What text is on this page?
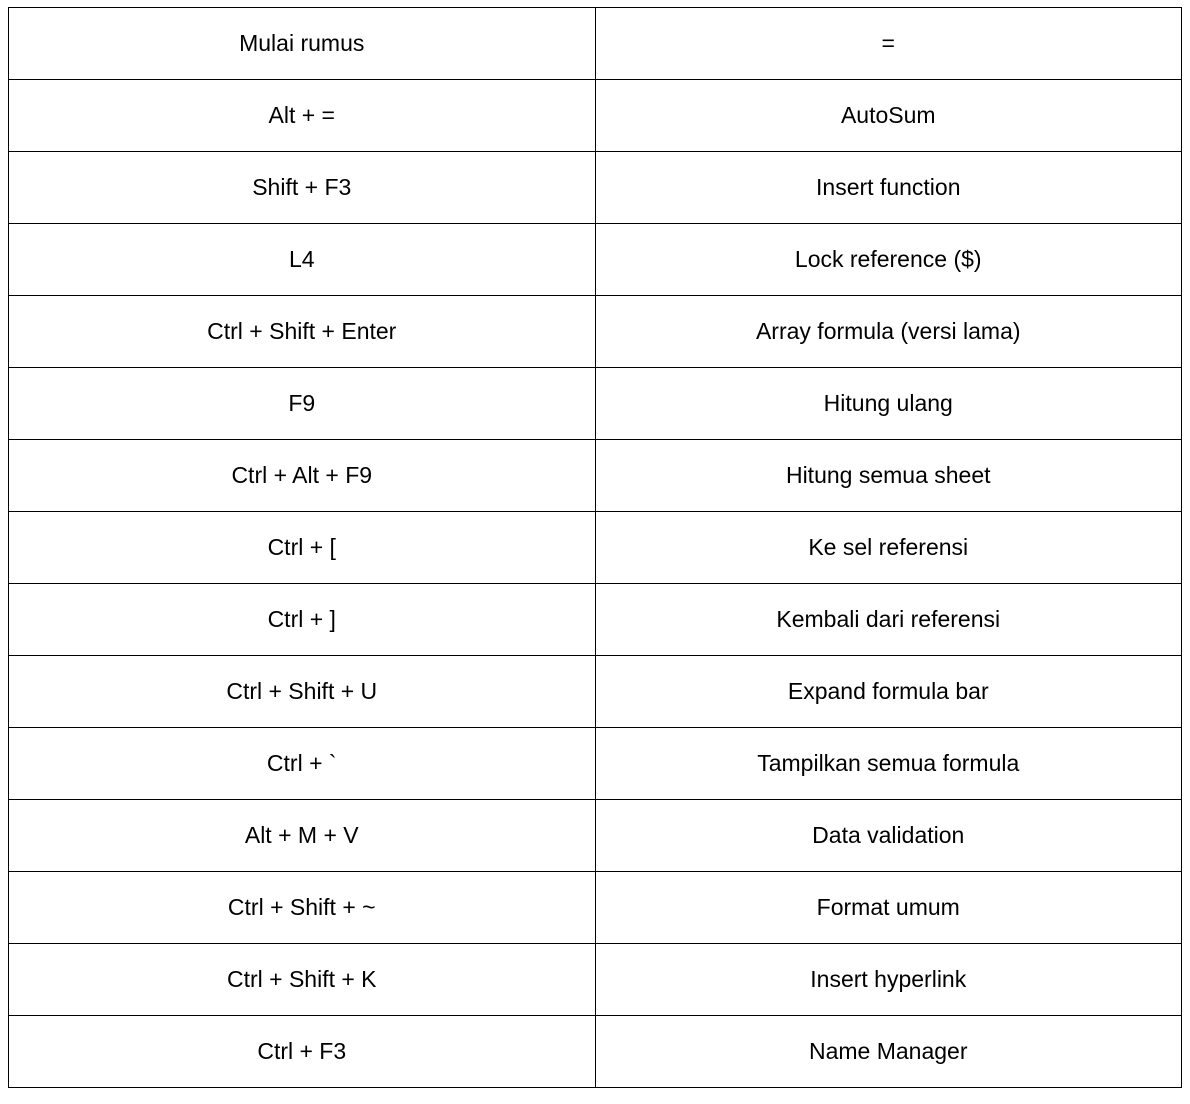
Mulai rumus	=
Alt + =	AutoSum
Shift + F3	Insert function
L4	Lock reference ($)
Ctrl + Shift + Enter	Array formula (versi lama)
F9	Hitung ulang
Ctrl + Alt + F9	Hitung semua sheet
Ctrl + [	Ke sel referensi
Ctrl + ]	Kembali dari referensi
Ctrl + Shift + U	Expand formula bar
Ctrl + `	Tampilkan semua formula
Alt + M + V	Data validation
Ctrl + Shift + ~	Format umum
Ctrl + Shift + K	Insert hyperlink
Ctrl + F3	Name Manager
